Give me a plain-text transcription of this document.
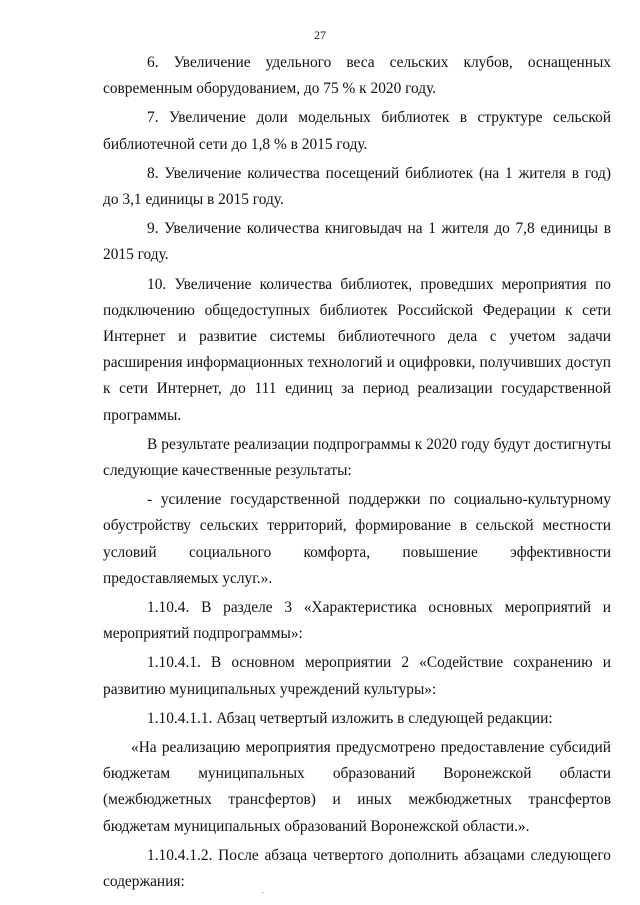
27

6. Увеличение удельного веса сельских клубов, оснащенных современным оборудованием, до 75 % к 2020 году.

7. Увеличение доли модельных библиотек в структуре сельской библиотечной сети до 1,8 % в 2015 году.

8. Увеличение количества посещений библиотек (на 1 жителя в год) до 3,1 единицы в 2015 году.

9. Увеличение количества книговыдач на 1 жителя до 7,8 единицы в 2015 году.

10. Увеличение количества библиотек, проведших мероприятия по подключению общедоступных библиотек Российской Федерации к сети Интернет и развитие системы библиотечного дела с учетом задачи расширения информационных технологий и оцифровки, получивших доступ к сети Интернет, до 111 единиц за период реализации государственной программы.

В результате реализации подпрограммы к 2020 году будут достигнуты следующие качественные результаты:

- усиление государственной поддержки по социально-культурному обустройству сельских территорий, формирование в сельской местности условий социального комфорта, повышение эффективности предоставляемых услуг.».

1.10.4. В разделе 3 «Характеристика основных мероприятий и мероприятий подпрограммы»:

1.10.4.1. В основном мероприятии 2 «Содействие сохранению и развитию муниципальных учреждений культуры»:

1.10.4.1.1. Абзац четвертый изложить в следующей редакции:

«На реализацию мероприятия предусмотрено предоставление субсидий бюджетам муниципальных образований Воронежской области (межбюджетных трансфертов) и иных межбюджетных трансфертов бюджетам муниципальных образований Воронежской области.».

1.10.4.1.2. После абзаца четвертого дополнить абзацами следующего содержания:
